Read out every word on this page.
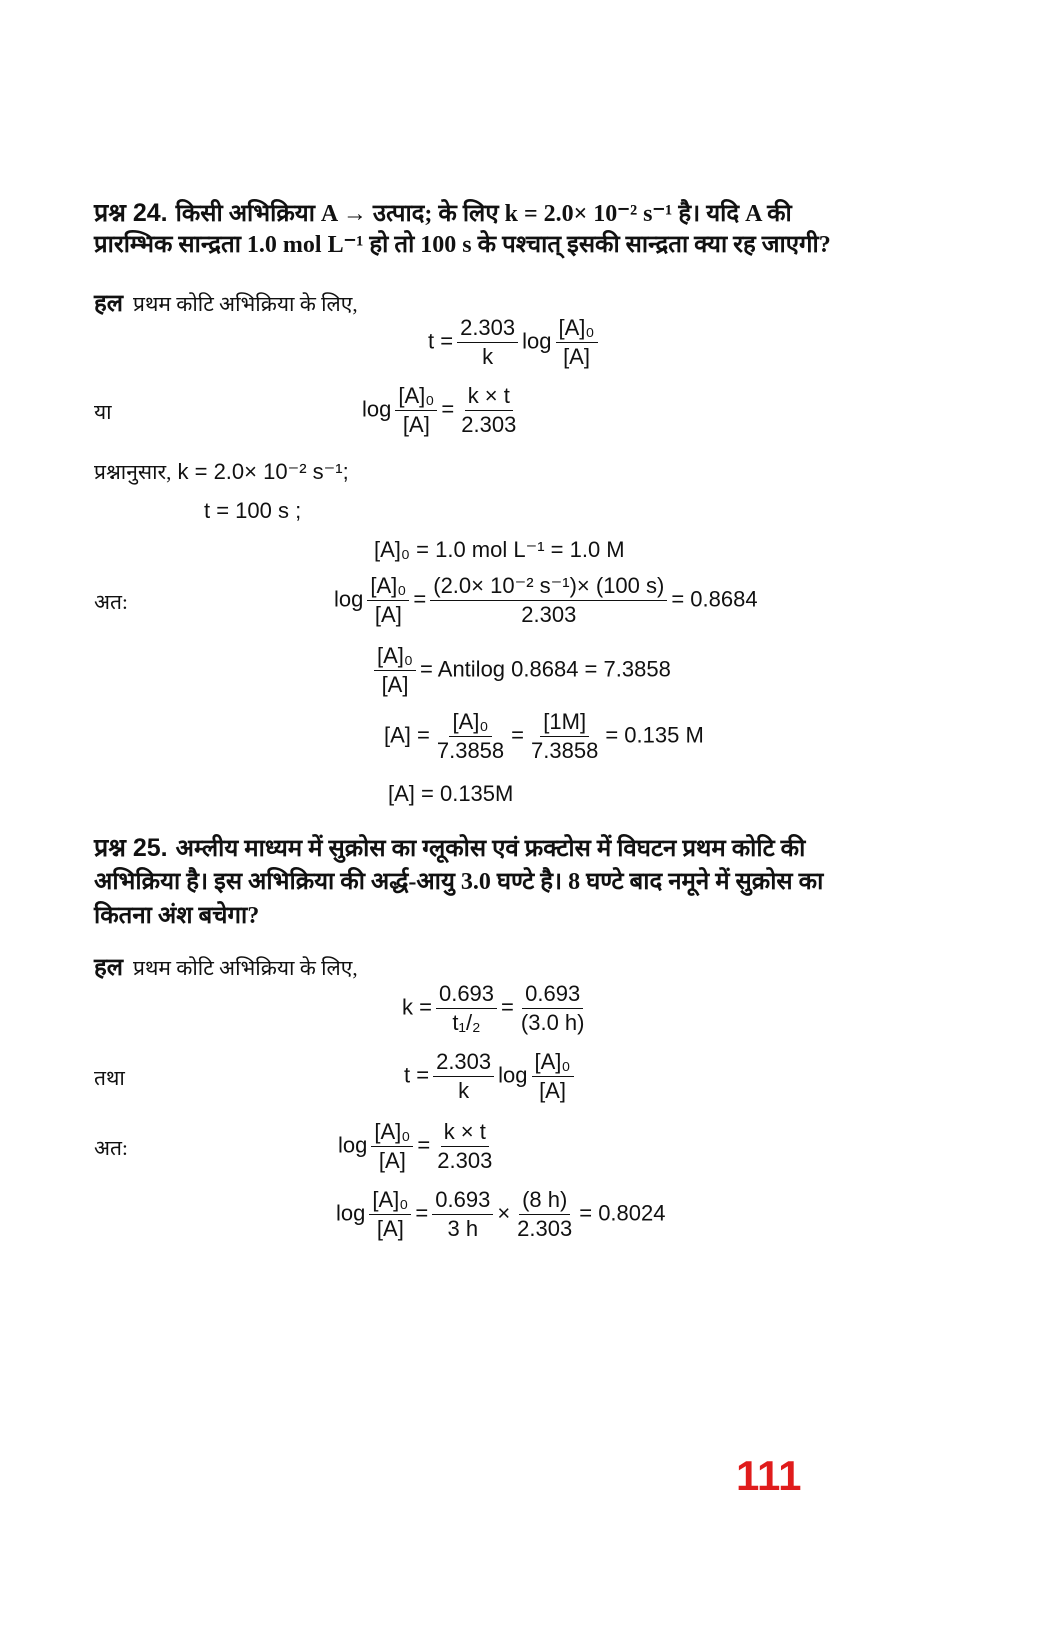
प्रश्न 24. किसी अभिक्रिया A → उत्पाद; के लिए k = 2.0× 10⁻² s⁻¹ है। यदि A की
प्रारम्भिक सान्द्रता 1.0 mol L⁻¹ हो तो 100 s के पश्चात् इसकी सान्द्रता क्या रह जाएगी?
हल प्रथम कोटि अभिक्रिया के लिए,
$t = \frac{2.303}{k}$ $\log \frac{\text{[A]₀}}{[A]}$
या	$\log \frac{\text{[A]₀}}{[A]} = \frac{k \times t}{2.303}$
प्रश्नानुसार, k = 2.0× 10⁻² s⁻¹;
t = 100 s ;
[A]₀ = 1.0 mol L⁻¹ = 1.0 M
अत:	$\log \frac{\text{[A]₀}}{[A]} = \frac{\text{(2.0× 10⁻² s⁻¹)× (100 s)}}{2.303} = 0.8684$
$\frac{\text{[A]₀}}{[A]}$ = Antilog 0.8684 = 7.3858
$[A] = \frac{\text{[A]₀}}{7.3858} = \frac{[1M]}{7.3858} = 0.135$ M
[A] = 0.135M
प्रश्न 25. अम्लीय माध्यम में सुक्रोस का ग्लूकोस एवं फ्रक्टोस में विघटन प्रथम कोटि की
अभिक्रिया है। इस अभिक्रिया की अर्द्ध-आयु 3.0 घण्टे है। 8 घण्टे बाद नमूने में सुक्रोस का
कितना अंश बचेगा?
हल प्रथम कोटि अभिक्रिया के लिए,
$k = \frac{0.693}{\text{t₁/₂}} = \frac{0.693}{(3.0 h)}$
तथा	$t = \frac{2.303}{k}$ $\log \frac{\text{[A]₀}}{[A]}$
अत:	$\log \frac{\text{[A]₀}}{[A]} = \frac{k \times t}{2.303}$
$\log \frac{\text{[A]₀}}{[A]} = \frac{0.693}{3 h} \times \frac{(8 h)}{2.303} = 0.8024$
111
